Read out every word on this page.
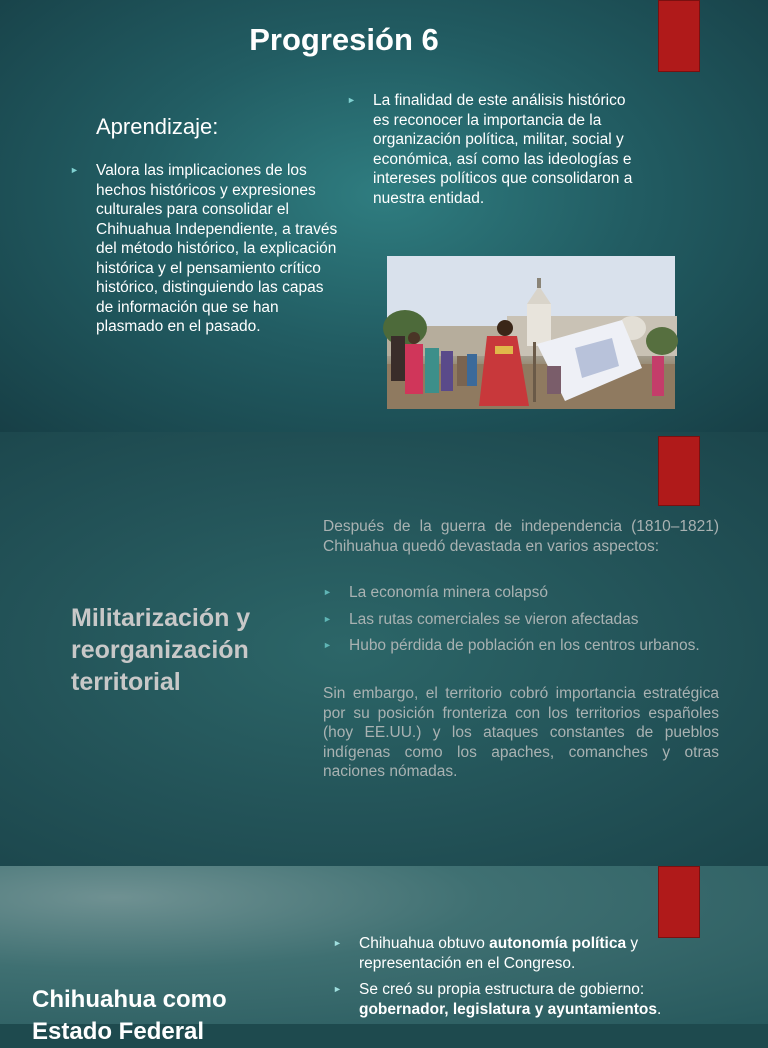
Progresión 6
Aprendizaje:
► Valora las implicaciones de los hechos históricos y expresiones culturales para consolidar el Chihuahua Independiente, a través del método histórico, la explicación histórica y el pensamiento crítico histórico, distinguiendo las capas de información que se han plasmado en el pasado.
► La finalidad de este análisis histórico es reconocer la importancia de la organización política, militar, social y económica, así como las ideologías e intereses políticos que consolidaron a nuestra entidad.
Militarización y reorganización territorial

Después de la guerra de independencia (1810–1821) Chihuahua quedó devastada en varios aspectos:

► La economía minera colapsó
► Las rutas comerciales se vieron afectadas
► Hubo pérdida de población en los centros urbanos.

Sin embargo, el territorio cobró importancia estratégica por su posición fronteriza con los territorios españoles (hoy EE.UU.) y los ataques constantes de pueblos indígenas como los apaches, comanches y otras naciones nómadas.

Chihuahua como Estado Federal
► Chihuahua obtuvo autonomía política y representación en el Congreso.
► Se creó su propia estructura de gobierno: gobernador, legislatura y ayuntamientos.
